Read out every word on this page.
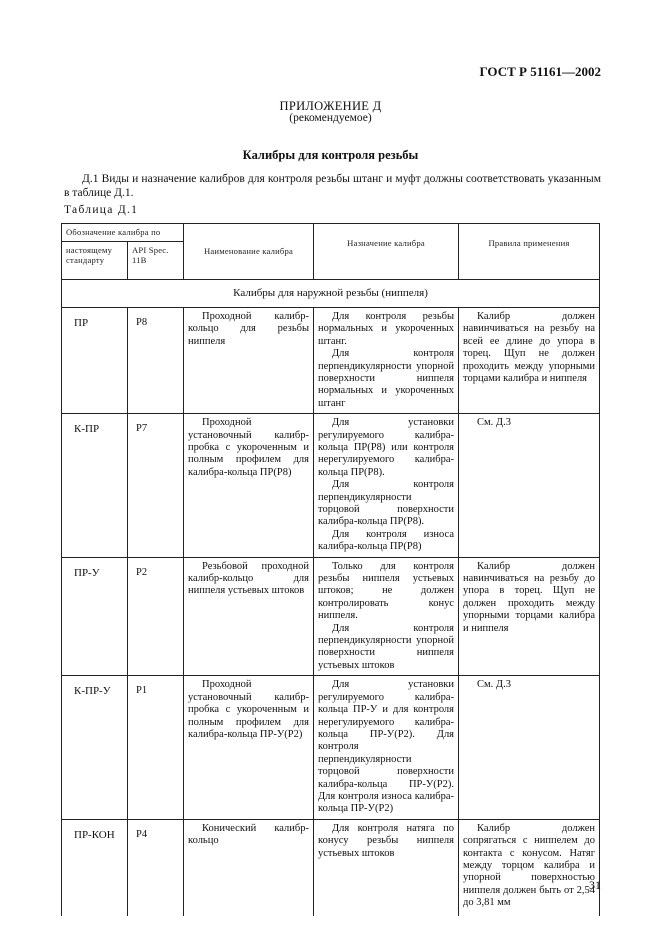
ГОСТ Р 51161—2002
ПРИЛОЖЕНИЕ Д
(рекомендуемое)
Калибры для контроля резьбы
Д.1 Виды и назначение калибров для контроля резьбы штанг и муфт должны соответствовать указанным в таблице Д.1.
Таблица Д.1
Обозначение калибра по		Наименование калибра	Назначение калибра	Правила применения
настоящему стандарту	API Spec. 11B			
Калибры для наружной резьбы (ниппеля)				
ПР	P8	Проходной калибр-кольцо для резьбы ниппеля	Для контроля резьбы нормальных и укороченных штанг.
Для контроля перпендикулярности упорной поверхности ниппеля нормальных и укороченных штанг	Калибр должен навинчиваться на резьбу на всей ее длине до упора в торец. Щуп не должен проходить между упорными торцами калибра и ниппеля

К-ПР	P7	Проходной установочный калибр-пробка с укороченным и полным профилем для калибра-кольца ПР(Р8)	Для установки регулируемого калибра-кольца ПР(Р8) или контроля нерегулируемого калибра-кольца ПР(Р8).
Для контроля перпендикулярности торцовой поверхности калибра-кольца ПР(Р8).
Для контроля износа калибра-кольца ПР(Р8)	См. Д.3

ПР-У	P2	Резьбовой проходной калибр-кольцо для ниппеля устьевых штоков	Только для контроля резьбы ниппеля устьевых штоков; не должен контролировать конус ниппеля.
Для контроля перпендикулярности упорной поверхности ниппеля устьевых штоков	Калибр должен навинчиваться на резьбу до упора в торец. Щуп не должен проходить между упорными торцами калибра и ниппеля

К-ПР-У	P1	Проходной установочный калибр-пробка с укороченным и полным профилем для калибра-кольца ПР-У(Р2)	Для установки регулируемого калибра-кольца ПР-У и для контроля нерегулируемого калибра-кольца ПР-У(Р2). Для контроля перпендикулярности торцовой поверхности калибра-кольца ПР-У(Р2). Для контроля износа калибра-кольца ПР-У(Р2)	См. Д.3

ПР-КОН	P4	Конический калибр-кольцо	Для контроля натяга по конусу резьбы ниппеля устьевых штоков	Калибр должен сопрягаться с ниппелем до контакта с конусом. Натяг между торцом калибра и упорной поверхностью ниппеля должен быть от 2,54 до 3,81 мм
31
